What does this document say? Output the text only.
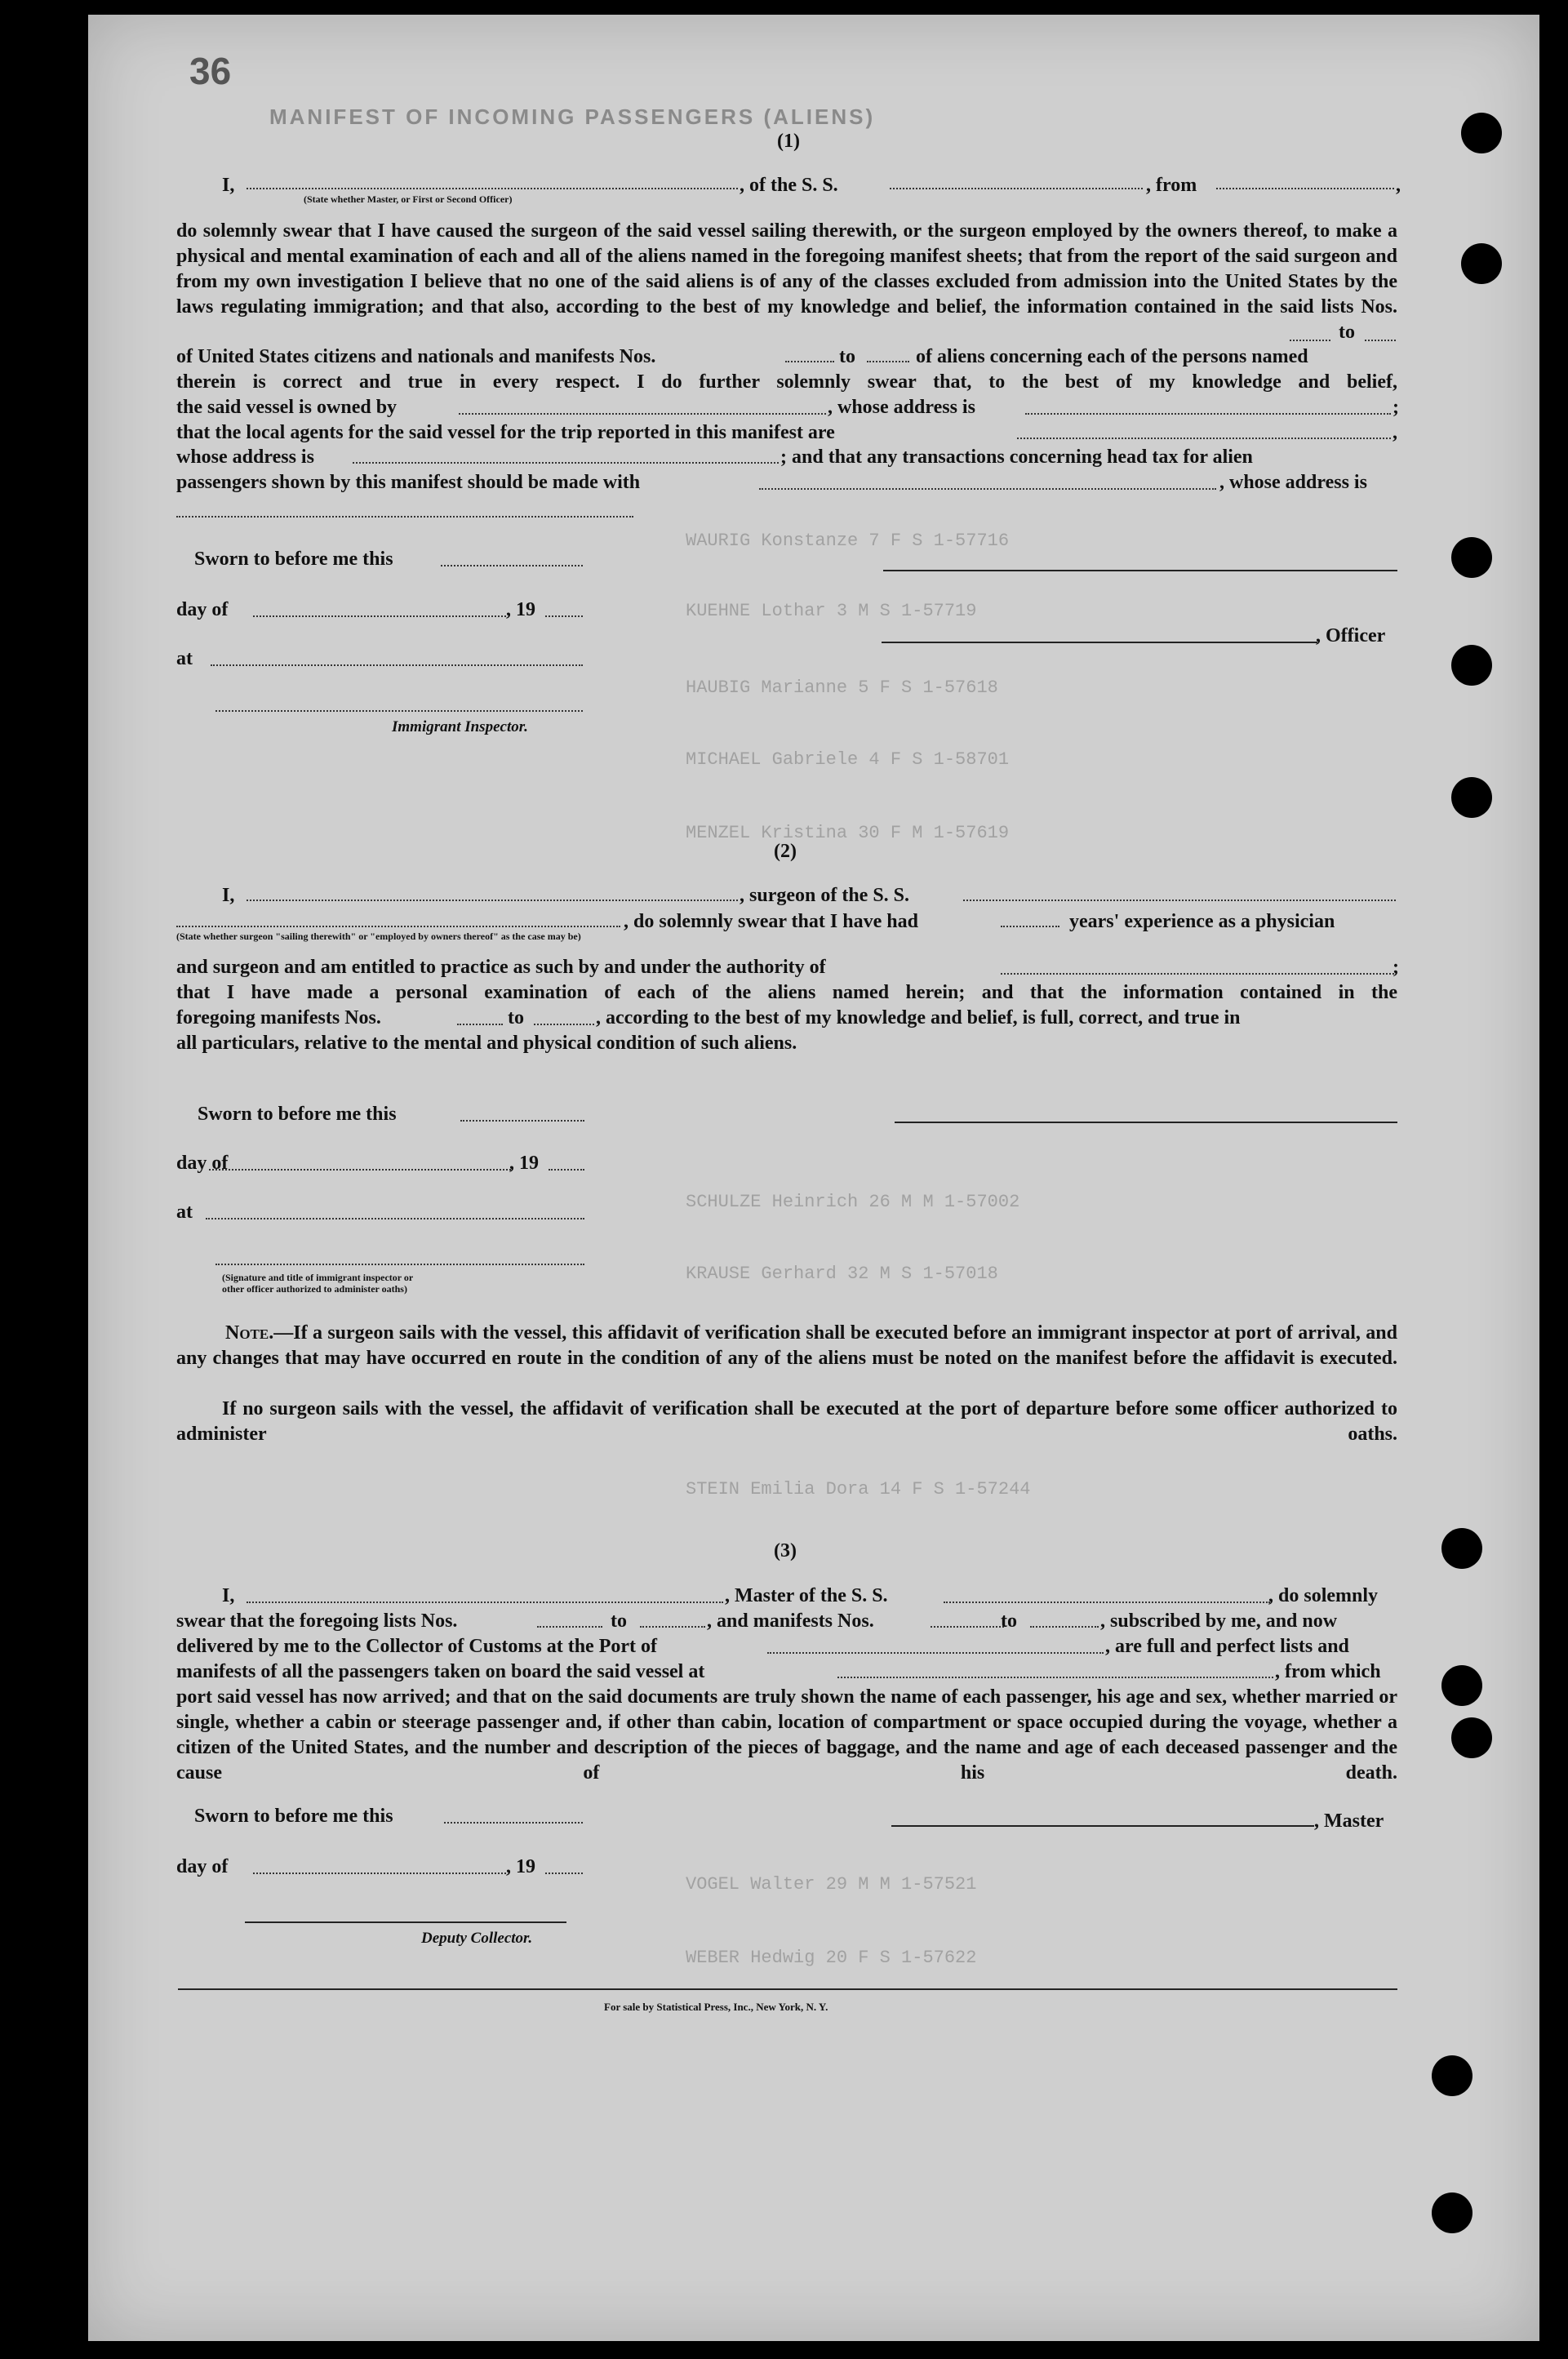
36
MANIFEST OF INCOMING PASSENGERS (ALIENS)
WAURIG Konstanze 7 F S 1-57716
KUEHNE Lothar 3 M S 1-57719
HAUBIG Marianne 5 F S 1-57618
MICHAEL Gabriele 4 F S 1-58701
MENZEL Kristina 30 F M 1-57619
SCHULZE Heinrich 26 M M 1-57002
KRAUSE Gerhard 32 M S 1-57018
STEIN Emilia Dora 14 F S 1-57244
VOGEL Walter 29 M M 1-57521
WEBER Hedwig 20 F S 1-57622
(1)
I,	, of the S. S.	, from	,
(State whether Master, or First or Second Officer)
do solemnly swear that I have caused the surgeon of the said vessel sailing therewith, or the surgeon employed by the owners thereof, to make a physical and mental examination of each and all of the aliens named in the foregoing manifest sheets; that from the report of the said surgeon and from my own investigation I believe that no one of the said aliens is of any of the classes excluded from admission into the United States by the laws regulating immigration; and that also, according to the best of my knowledge and belief, the information contained in the said lists Nos.
to
of United States citizens and nationals and manifests Nos.	to	of aliens concerning each of the persons named
therein is correct and true in every respect. I do further solemnly swear that, to the best of my knowledge and belief,
the said vessel is owned by	, whose address is	;
that the local agents for the said vessel for the trip reported in this manifest are	,
whose address is	; and that any transactions concerning head tax for alien
passengers shown by this manifest should be made with	, whose address is
Sworn to before me this
day of	, 19
, Officer
at
Immigrant Inspector.
(2)
I,	, surgeon of the S. S.
, do solemnly swear that I have had	years' experience as a physician
(State whether surgeon "sailing therewith" or "employed by owners thereof" as the case may be)
and surgeon and am entitled to practice as such by and under the authority of	;
that I have made a personal examination of each of the aliens named herein; and that the information contained in the
foregoing manifests Nos.	to	, according to the best of my knowledge and belief, is full, correct, and true in
all particulars, relative to the mental and physical condition of such aliens.
Sworn to before me this
day of	, 19
at
(Signature and title of immigrant inspector or
other officer authorized to administer oaths)
Note.—If a surgeon sails with the vessel, this affidavit of verification shall be executed before an immigrant inspector at port of arrival, and any changes that may have occurred en route in the condition of any of the aliens must be noted on the manifest before the affidavit is executed.
If no surgeon sails with the vessel, the affidavit of verification shall be executed at the port of departure before some officer authorized to administer oaths.
(3)
I,	, Master of the S. S.	, do solemnly
swear that the foregoing lists Nos.	to	, and manifests Nos.	to	, subscribed by me, and now
delivered by me to the Collector of Customs at the Port of	, are full and perfect lists and
manifests of all the passengers taken on board the said vessel at	, from which
port said vessel has now arrived; and that on the said documents are truly shown the name of each passenger, his age and sex, whether married or single, whether a cabin or steerage passenger and, if other than cabin, location of compartment or space occupied during the voyage, whether a citizen of the United States, and the number and description of the pieces of baggage, and the name and age of each deceased passenger and the cause of his death.
Sworn to before me this	, Master
day of	, 19
Deputy Collector.
For sale by Statistical Press, Inc., New York, N. Y.
